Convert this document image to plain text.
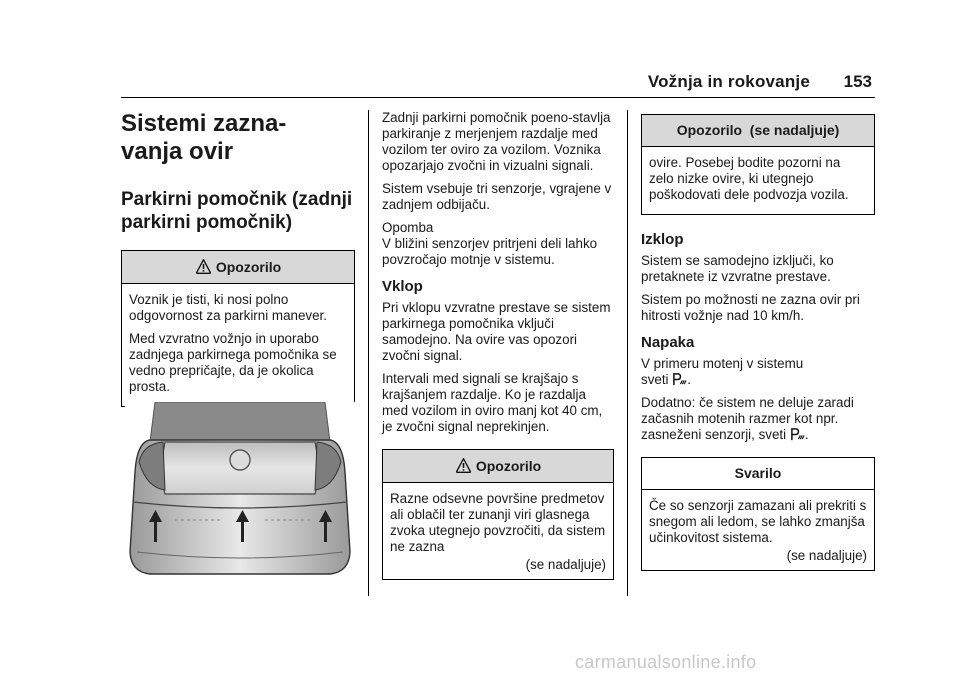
Vožnja in rokovanje 153
Sistemi zazna-
vanja ovir
Parkirni pomočnik (zadnji
parkirni pomočnik)
Opozorilo

Voznik je tisti, ki nosi polno odgovornost za parkirni manever.

Med vzvratno vožnjo in uporabo zadnjega parkirnega pomočnika se vedno prepričajte, da je okolica prosta.

Zadnji parkirni pomočnik poeno-stavlja parkiranje z merjenjem razdalje med vozilom ter oviro za vozilom. Voznika opozarjajo zvočni in vizualni signali.

Sistem vsebuje tri senzorje, vgrajene v zadnjem odbijaču.

Opomba

V bližini senzorjev pritrjeni deli lahko povzročajo motnje v sistemu.

Vklop

Pri vklopu vzvratne prestave se sistem parkirnega pomočnika vključi samodejno. Na ovire vas opozori zvočni signal.

Intervali med signali se krajšajo s krajšanjem razdalje. Ko je razdalja med vozilom in oviro manj kot 40 cm, je zvočni signal neprekinjen.

Opozorilo

Razne odsevne površine predmetov ali oblačil ter zunanji viri glasnega zvoka utegnejo povzročiti, da sistem ne zazna

(se nadaljuje)
Opozorilo  (se nadaljuje)

ovire. Posebej bodite pozorni na zelo nizke ovire, ki utegnejo poškodovati dele podvozja vozila.

Izklop

Sistem se samodejno izključi, ko pretaknete iz vzvratne prestave.

Sistem po možnosti ne zazna ovir pri hitrosti vožnje nad 10 km/h.

Napaka

V primeru motenj v sistemu
sveti .

Dodatno: če sistem ne deluje zaradi začasnih motenih razmer kot npr.
zasneženi senzorji, sveti .

Svarilo

Če so senzorji zamazani ali prekriti s snegom ali ledom, se lahko zmanjša učinkovitost sistema.

(se nadaljuje)
carmanualsonline.info
